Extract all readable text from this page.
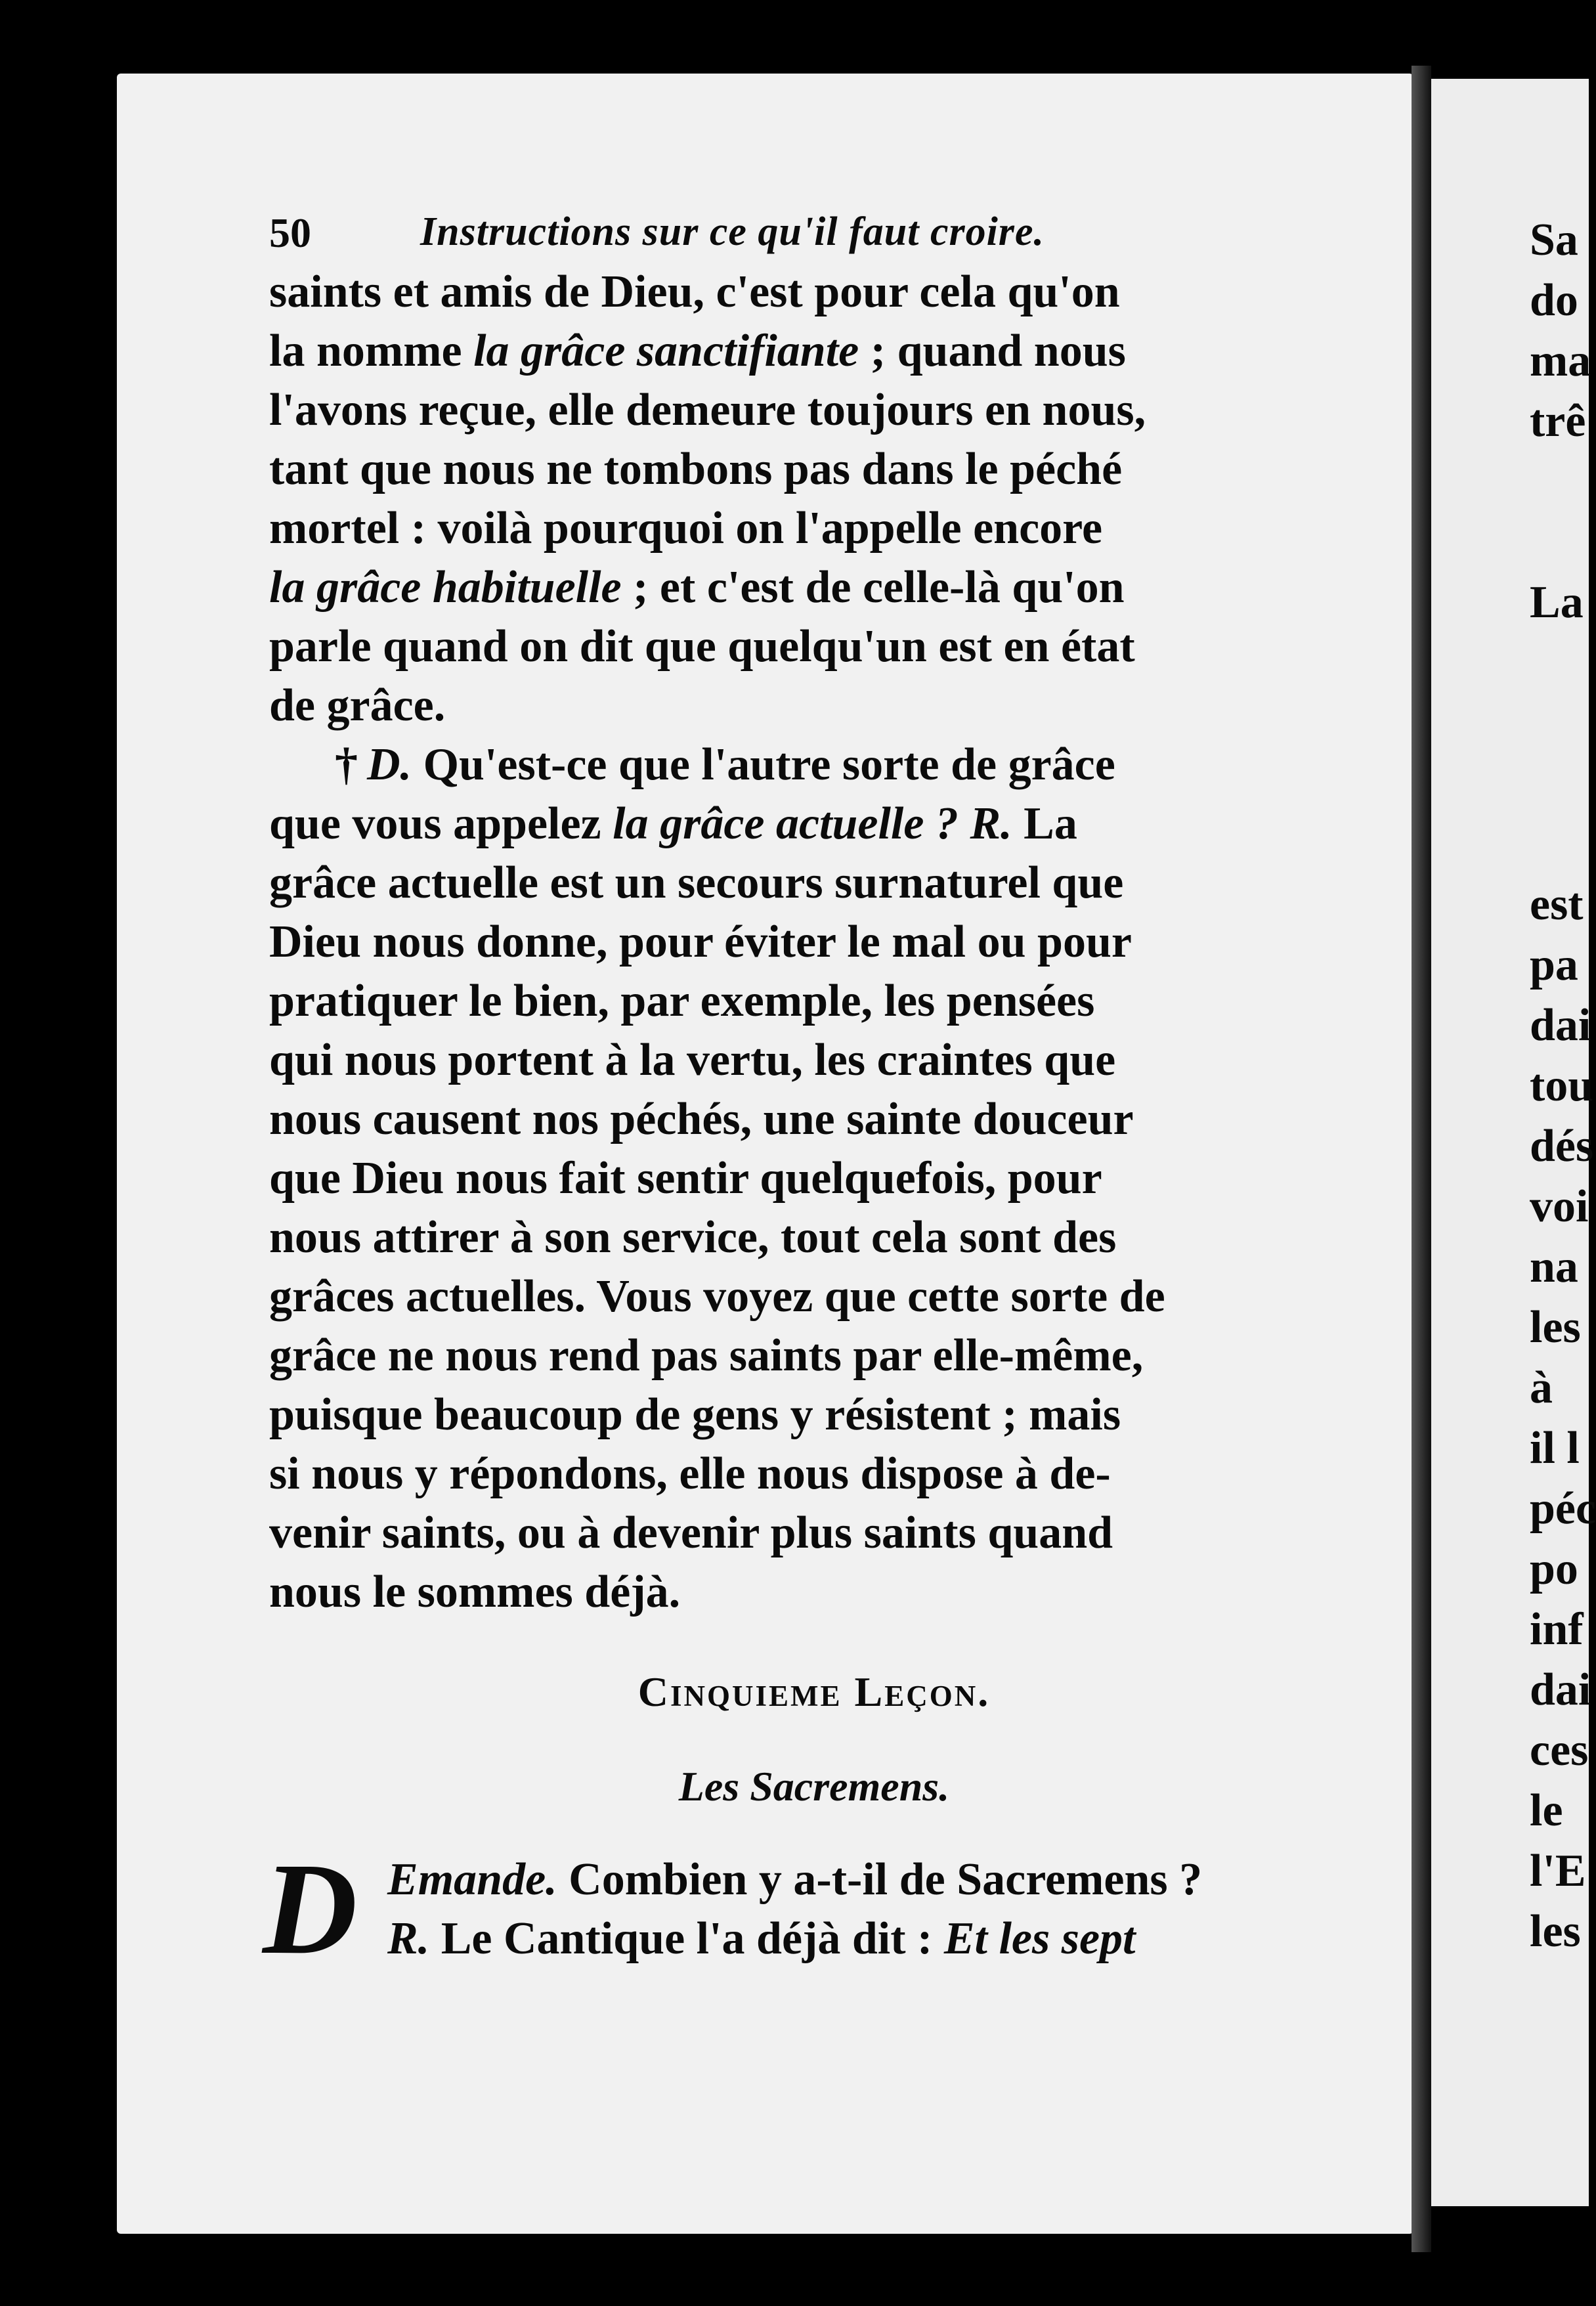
50	Instructions sur ce qu'il faut croire.

saints et amis de Dieu, c'est pour cela qu'on
la nomme la grâce sanctifiante ; quand nous
l'avons reçue, elle demeure toujours en nous,
tant que nous ne tombons pas dans le péché
mortel : voilà pourquoi on l'appelle encore
la grâce habituelle ; et c'est de celle-là qu'on
parle quand on dit que quelqu'un est en état
de grâce.

† D. Qu'est-ce que l'autre sorte de grâce
que vous appelez la grâce actuelle ? R. La
grâce actuelle est un secours surnaturel que
Dieu nous donne, pour éviter le mal ou pour
pratiquer le bien, par exemple, les pensées
qui nous portent à la vertu, les craintes que
nous causent nos péchés, une sainte douceur
que Dieu nous fait sentir quelquefois, pour
nous attirer à son service, tout cela sont des
grâces actuelles. Vous voyez que cette sorte de
grâce ne nous rend pas saints par elle-même,
puisque beaucoup de gens y résistent ; mais
si nous y répondons, elle nous dispose à de-
venir saints, ou à devenir plus saints quand
nous le sommes déjà.

Cinquieme Leçon.
Les Sacremens.
D Emande. Combien y a-t-il de Sacremens ?
R. Le Cantique l'a déjà dit : Et les sept
Sa
do
ma
trê

La

est
pa
dai
tou
dés
voi
na
les
à
il l
péc
po
inf
dai
ces
le
l'E
les
